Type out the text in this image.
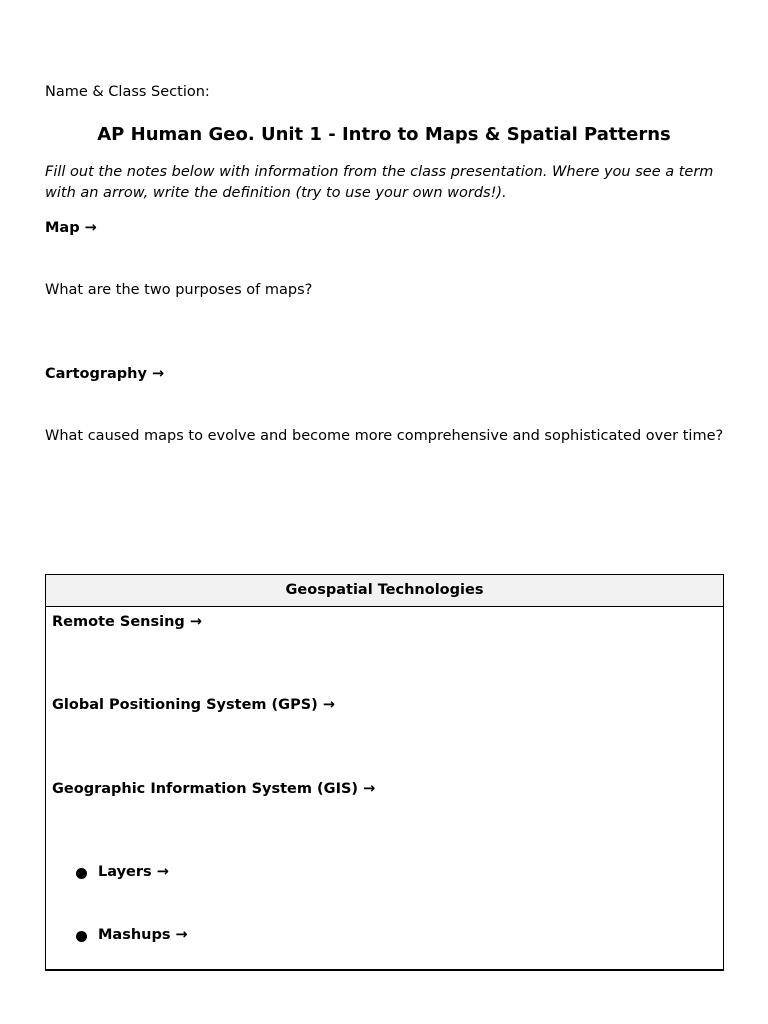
Name & Class Section:
AP Human Geo. Unit 1 - Intro to Maps & Spatial Patterns
Fill out the notes below with information from the class presentation. Where you see a term with an arrow, write the definition (try to use your own words!).
Map →
What are the two purposes of maps?
Cartography →
What caused maps to evolve and become more comprehensive and sophisticated over time?
Geospatial Technologies
Remote Sensing →
Global Positioning System (GPS) →
Geographic Information System (GIS) →
Layers →
Mashups →
